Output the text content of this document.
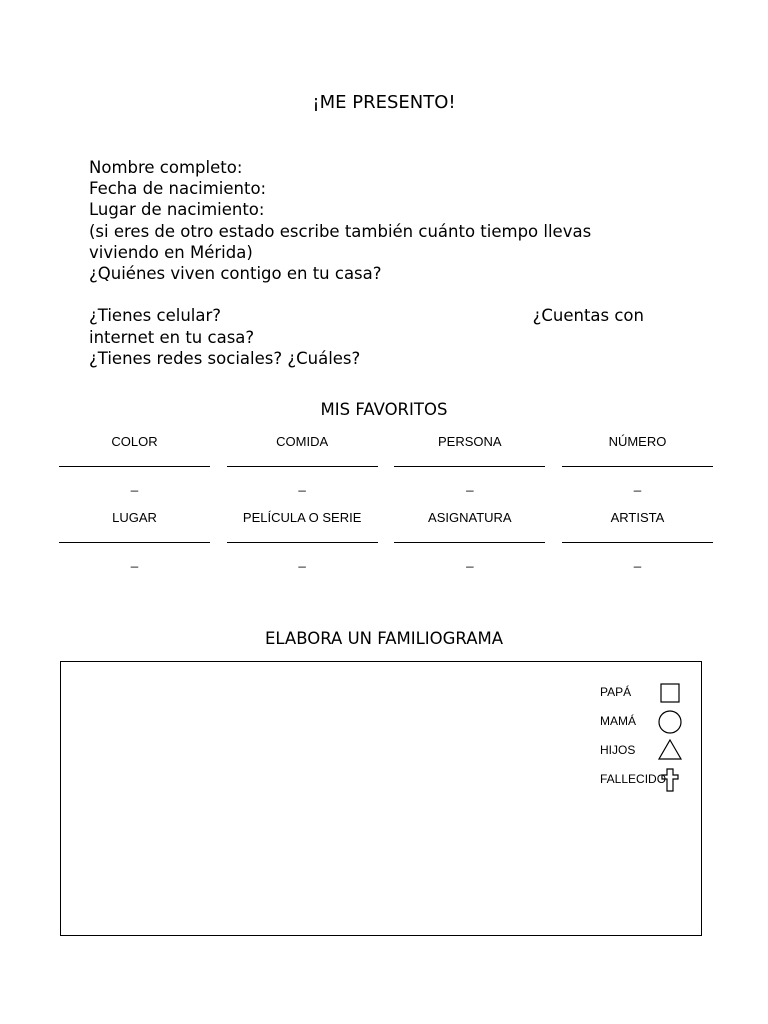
¡ME PRESENTO!
Nombre completo:
Fecha de nacimiento:
Lugar de nacimiento:
(si eres de otro estado escribe también cuánto tiempo llevas
viviendo en Mérida)
¿Quiénes viven contigo en tu casa?
¿Tienes celular?	¿Cuentas con
internet en tu casa?
¿Tienes redes sociales? ¿Cuáles?
MIS FAVORITOS
COLOR
_
COMIDA
_
PERSONA
_
NÚMERO
_
LUGAR
_
PELÍCULA O SERIE
_
ASIGNATURA
_
ARTISTA
_
ELABORA UN FAMILIOGRAMA
PAPÁ
MAMÁ
HIJOS
FALLECIDO
